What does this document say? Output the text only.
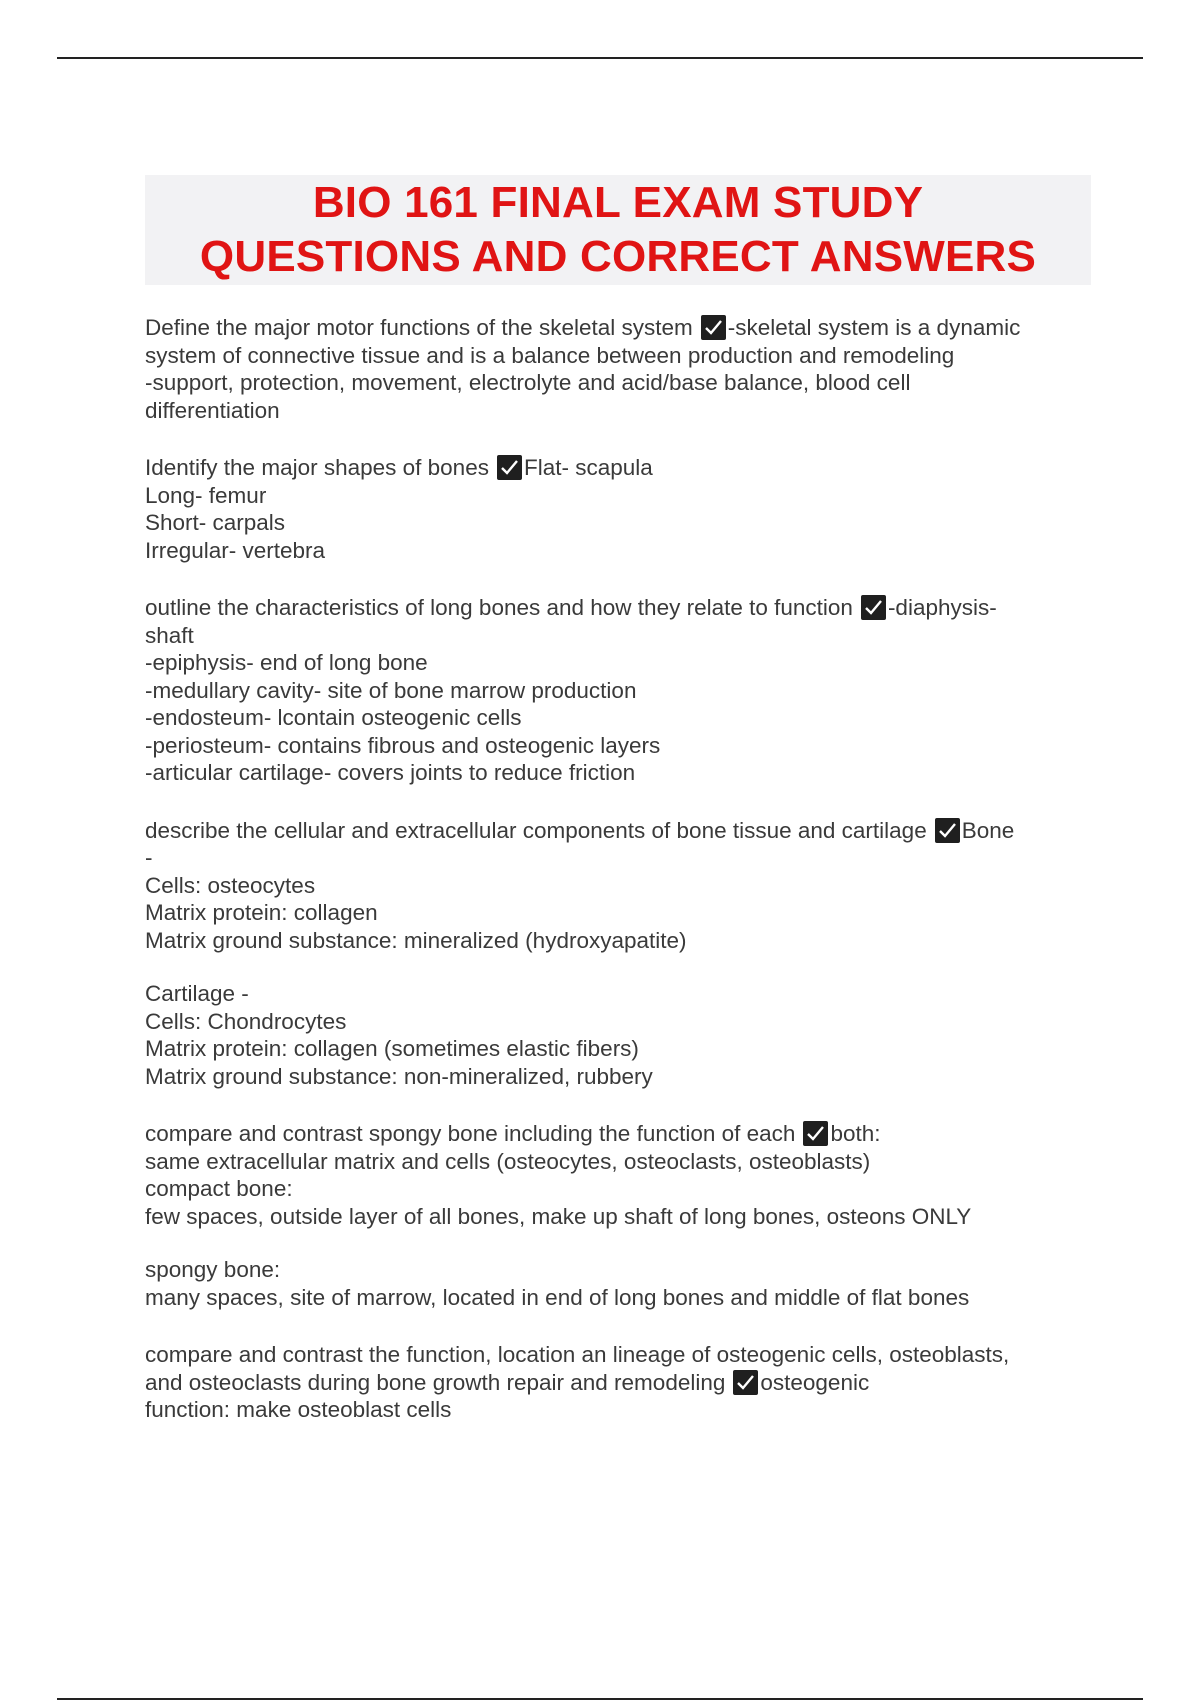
BIO 161 FINAL EXAM STUDY
QUESTIONS AND CORRECT ANSWERS
Define the major motor functions of the skeletal system -skeletal system is a dynamic
system of connective tissue and is a balance between production and remodeling
-support, protection, movement, electrolyte and acid/base balance, blood cell
differentiation
Identify the major shapes of bones Flat- scapula
Long- femur
Short- carpals
Irregular- vertebra
outline the characteristics of long bones and how they relate to function -diaphysis-
shaft
-epiphysis- end of long bone
-medullary cavity- site of bone marrow production
-endosteum- lcontain osteogenic cells
-periosteum- contains fibrous and osteogenic layers
-articular cartilage- covers joints to reduce friction
describe the cellular and extracellular components of bone tissue and cartilage Bone
-
Cells: osteocytes
Matrix protein: collagen
Matrix ground substance: mineralized (hydroxyapatite)
Cartilage -
Cells: Chondrocytes
Matrix protein: collagen (sometimes elastic fibers)
Matrix ground substance: non-mineralized, rubbery
compare and contrast spongy bone including the function of each both:
same extracellular matrix and cells (osteocytes, osteoclasts, osteoblasts)
compact bone:
few spaces, outside layer of all bones, make up shaft of long bones, osteons ONLY
spongy bone:
many spaces, site of marrow, located in end of long bones and middle of flat bones
compare and contrast the function, location an lineage of osteogenic cells, osteoblasts,
and osteoclasts during bone growth repair and remodeling osteogenic
function: make osteoblast cells
